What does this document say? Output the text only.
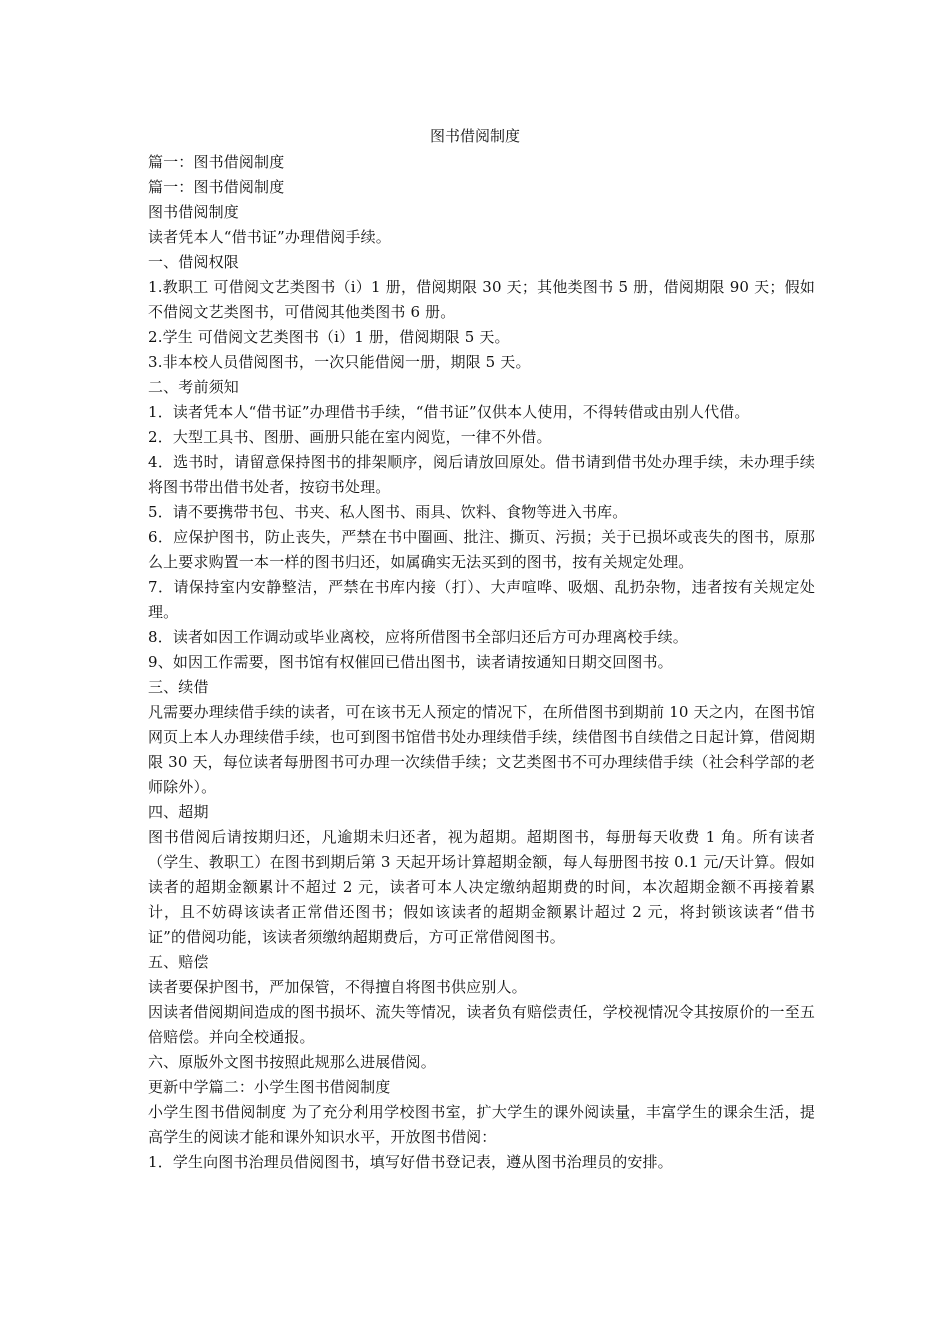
图书借阅制度

篇一：图书借阅制度

篇一：图书借阅制度

图书借阅制度

读者凭本人“借书证”办理借阅手续。

一、借阅权限

1.教职工 可借阅文艺类图书（i）1 册，借阅期限 30 天；其他类图书 5 册，借阅期限 90 天；假如不借阅文艺类图书，可借阅其他类图书 6 册。

2.学生 可借阅文艺类图书（i）1 册，借阅期限 5 天。

3.非本校人员借阅图书，一次只能借阅一册，期限 5 天。

二、考前须知

1．读者凭本人“借书证”办理借书手续，“借书证”仅供本人使用，不得转借或由别人代借。

2．大型工具书、图册、画册只能在室内阅览，一律不外借。

4．选书时，请留意保持图书的排架顺序，阅后请放回原处。借书请到借书处办理手续，未办理手续将图书带出借书处者，按窃书处理。

5．请不要携带书包、书夹、私人图书、雨具、饮料、食物等进入书库。

6．应保护图书，防止丧失，严禁在书中圈画、批注、撕页、污损；关于已损坏或丧失的图书，原那么上要求购置一本一样的图书归还，如属确实无法买到的图书，按有关规定处理。

7．请保持室内安静整洁，严禁在书库内接（打）、大声喧哗、吸烟、乱扔杂物，违者按有关规定处理。

8．读者如因工作调动或毕业离校，应将所借图书全部归还后方可办理离校手续。

9、如因工作需要，图书馆有权催回已借出图书，读者请按通知日期交回图书。

三、续借

凡需要办理续借手续的读者，可在该书无人预定的情况下，在所借图书到期前 10 天之内，在图书馆网页上本人办理续借手续，也可到图书馆借书处办理续借手续，续借图书自续借之日起计算，借阅期限 30 天，每位读者每册图书可办理一次续借手续；文艺类图书不可办理续借手续（社会科学部的老师除外）。

四、超期

图书借阅后请按期归还，凡逾期未归还者，视为超期。超期图书，每册每天收费 1 角。所有读者（学生、教职工）在图书到期后第 3 天起开场计算超期金额，每人每册图书按 0.1 元/天计算。假如读者的超期金额累计不超过 2 元，读者可本人决定缴纳超期费的时间，本次超期金额不再接着累计，且不妨碍该读者正常借还图书；假如该读者的超期金额累计超过 2 元，将封锁该读者“借书证”的借阅功能，该读者须缴纳超期费后，方可正常借阅图书。

五、赔偿

读者要保护图书，严加保管，不得擅自将图书供应别人。

因读者借阅期间造成的图书损坏、流失等情况，读者负有赔偿责任，学校视情况令其按原价的一至五倍赔偿。并向全校通报。

六、原版外文图书按照此规那么进展借阅。

更新中学篇二：小学生图书借阅制度

小学生图书借阅制度 为了充分利用学校图书室，扩大学生的课外阅读量，丰富学生的课余生活，提高学生的阅读才能和课外知识水平，开放图书借阅：

1．学生向图书治理员借阅图书，填写好借书登记表，遵从图书治理员的安排。
